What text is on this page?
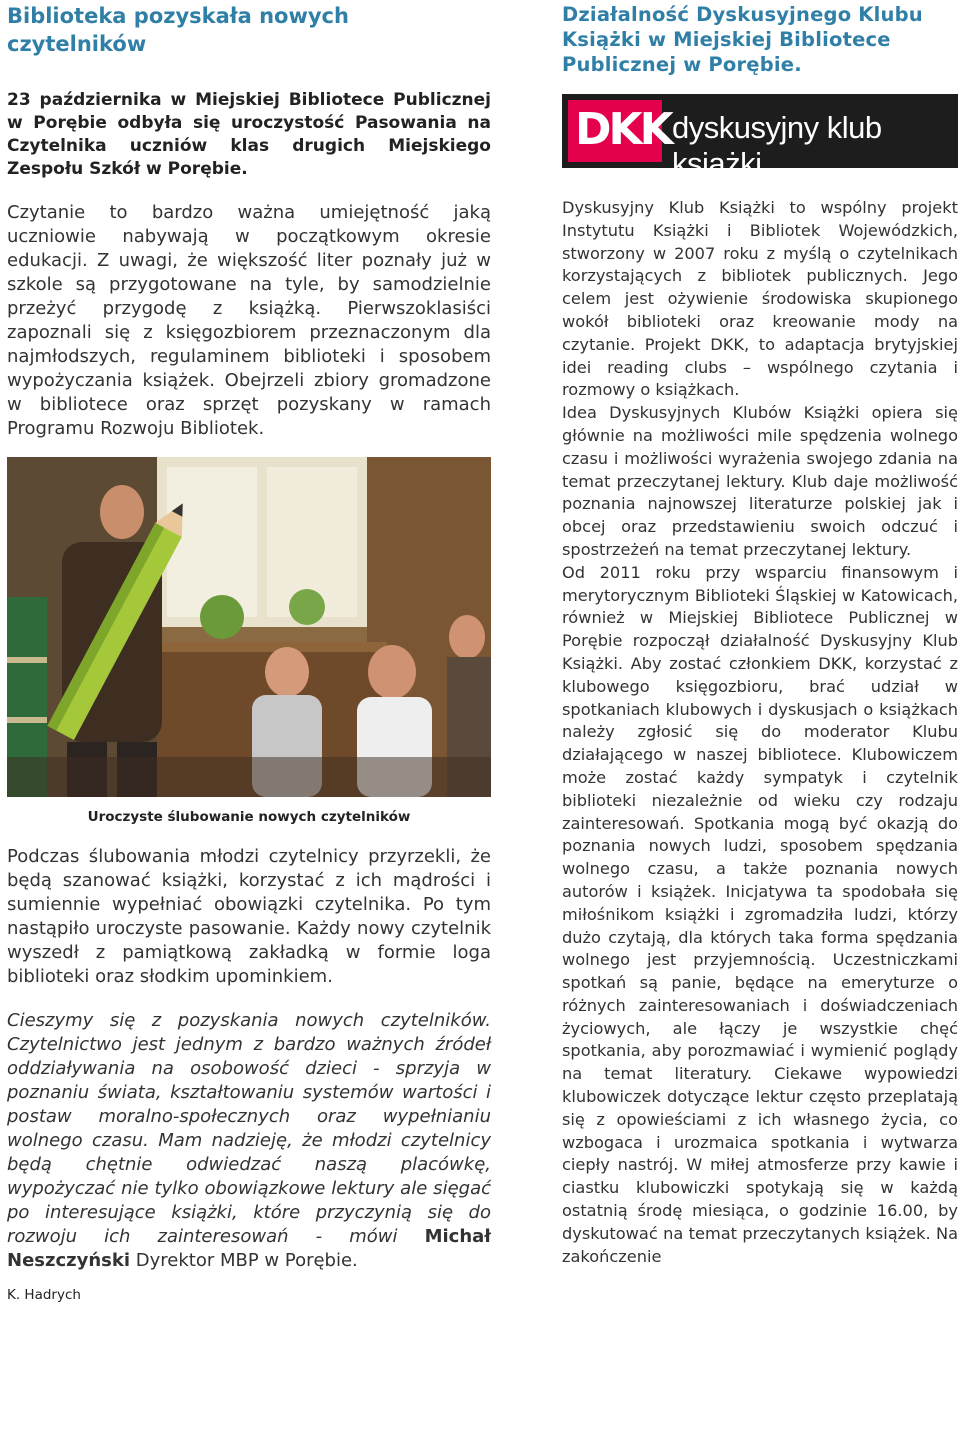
Biblioteka pozyskała nowych czytelników

23 października w Miejskiej Bibliotece Publicznej w Porębie odbyła się uroczystość Pasowania na Czytelnika uczniów klas drugich Miejskiego Zespołu Szkół w Porębie.

Czytanie to bardzo ważna umiejętność jaką uczniowie nabywają w początkowym okresie edukacji. Z uwagi, że większość liter poznały już w szkole są przygotowane na tyle, by samodzielnie przeżyć przygodę z książką. Pierwszoklasiści zapoznali się z księgozbiorem przeznaczonym dla najmłodszych, regulaminem biblioteki i sposobem wypożyczania książek. Obejrzeli zbiory gromadzone w bibliotece oraz sprzęt pozyskany w ramach Programu Rozwoju Bibliotek.

Uroczyste ślubowanie nowych czytelników

Podczas ślubowania młodzi czytelnicy przyrzekli, że będą szanować książki, korzystać z ich mądrości i sumiennie wypełniać obowiązki czytelnika. Po tym nastąpiło uroczyste pasowanie. Każdy nowy czytelnik wyszedł z pamiątkową zakładką w formie loga biblioteki oraz słodkim upominkiem.

Cieszymy się z pozyskania nowych czytelników. Czytelnictwo jest jednym z bardzo ważnych źródeł oddziaływania na osobowość dzieci - sprzyja w poznaniu świata, kształtowaniu systemów wartości i postaw moralno-społecznych oraz wypełnianiu wolnego czasu. Mam nadzieję, że młodzi czytelnicy będą chętnie odwiedzać naszą placówkę, wypożyczać nie tylko obowiązkowe lektury ale sięgać po interesujące książki, które przyczynią się do rozwoju ich zainteresowań - mówi Michał Neszczyński Dyrektor MBP w Porębie.

K. Hadrych
Działalność Dyskusyjnego Klubu Książki w Miejskiej Bibliotece Publicznej w Porębie.
DKK dyskusyjny klub książki

Dyskusyjny Klub Książki to wspólny projekt Instytutu Książki i Bibliotek Wojewódzkich, stworzony w 2007 roku z myślą o czytelnikach korzystających z bibliotek publicznych. Jego celem jest ożywienie środowiska skupionego wokół biblioteki oraz kreowanie mody na czytanie. Projekt DKK, to adaptacja brytyjskiej idei reading clubs – wspólnego czytania i rozmowy o książkach.

Idea Dyskusyjnych Klubów Książki opiera się głównie na możliwości mile spędzenia wolnego czasu i możliwości wyrażenia swojego zdania na temat przeczytanej lektury. Klub daje możliwość poznania najnowszej literaturze polskiej jak i obcej oraz przedstawieniu swoich odczuć i spostrzeżeń na temat przeczytanej lektury.

Od 2011 roku przy wsparciu finansowym i merytorycznym Biblioteki Śląskiej w Katowicach, również w Miejskiej Bibliotece Publicznej w Porębie rozpoczął działalność Dyskusyjny Klub Książki. Aby zostać członkiem DKK, korzystać z klubowego księgozbioru, brać udział w spotkaniach klubowych i dyskusjach o książkach należy zgłosić się do moderator Klubu działającego w naszej bibliotece. Klubowiczem może zostać każdy sympatyk i czytelnik biblioteki niezależnie od wieku czy rodzaju zainteresowań. Spotkania mogą być okazją do poznania nowych ludzi, sposobem spędzania wolnego czasu, a także poznania nowych autorów i książek. Inicjatywa ta spodobała się miłośnikom książki i zgromadziła ludzi, którzy dużo czytają, dla których taka forma spędzania wolnego jest przyjemnością. Uczestniczkami spotkań są panie, będące na emeryturze o różnych zainteresowaniach i doświadczeniach życiowych, ale łączy je wszystkie chęć spotkania, aby porozmawiać i wymienić poglądy na temat literatury. Ciekawe wypowiedzi klubowiczek dotyczące lektur często przeplatają się z opowieściami z ich własnego życia, co wzbogaca i urozmaica spotkania i wytwarza ciepły nastrój. W miłej atmosferze przy kawie i ciastku klubowiczki spotykają się w każdą ostatnią środę miesiąca, o godzinie 16.00, by dyskutować na temat przeczytanych książek. Na zakończenie
